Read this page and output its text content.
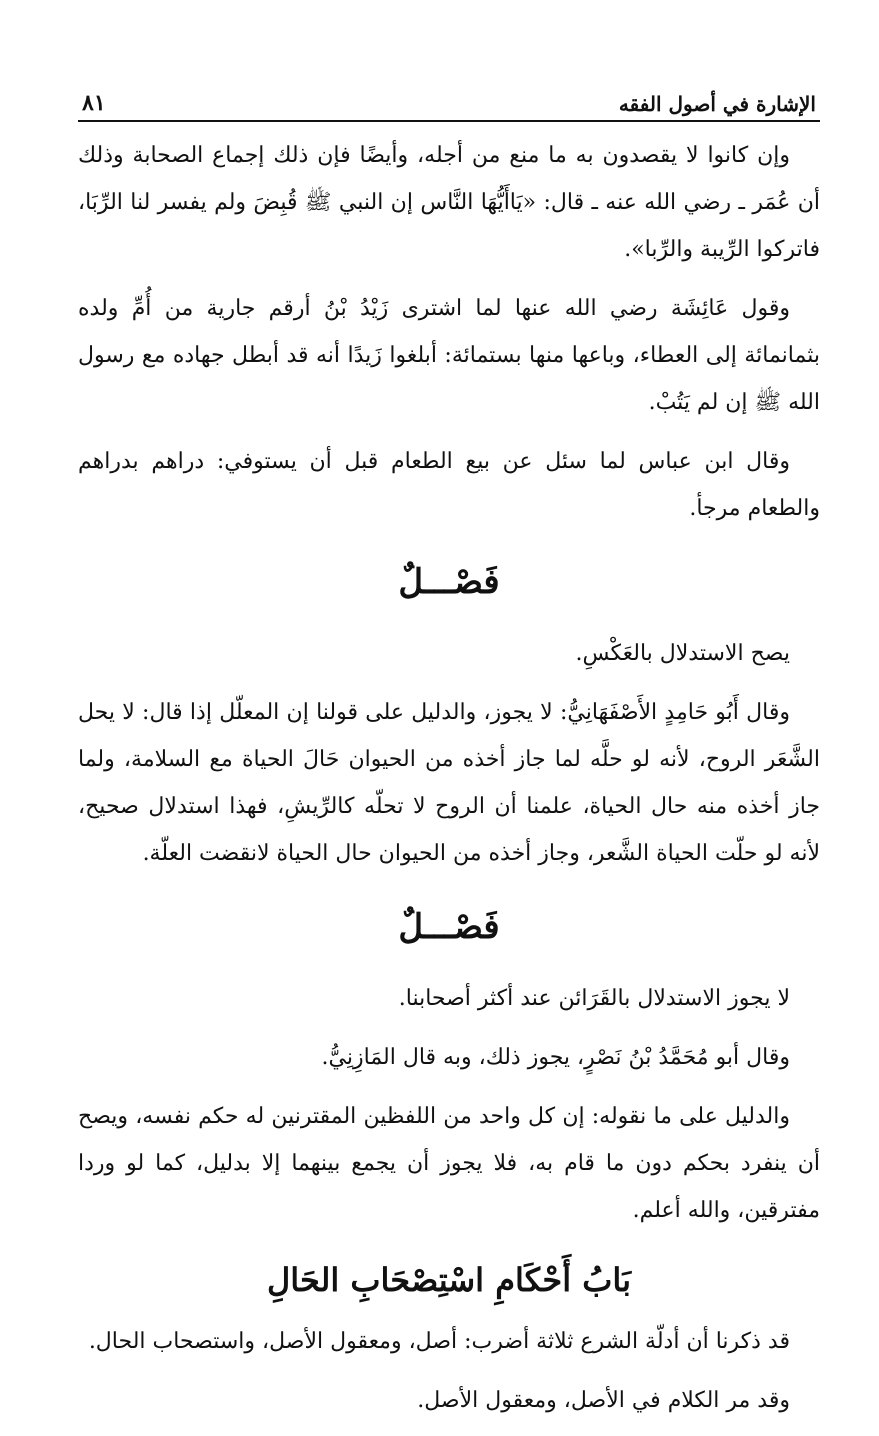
الإشارة في أصول الفقه
٨١

وإن كانوا لا يقصدون به ما منع من أجله، وأيضًا فإن ذلك إجماع الصحابة وذلك أن عُمَر ـ رضي الله عنه ـ قال: «يَاأَيُّهَا النَّاس إن النبي ﷺ قُبِضَ ولم يفسر لنا الرِّبَا، فاتركوا الرِّيبة والرِّبا».

وقول عَائِشَة رضي الله عنها لما اشترى زَيْدُ بْنُ أرقم جارية من أُمِّ ولده بثمانمائة إلى العطاء، وباعها منها بستمائة: أبلغوا زَيدًا أنه قد أبطل جهاده مع رسول الله ﷺ إن لم يَتُبْ.

وقال ابن عباس لما سئل عن بيع الطعام قبل أن يستوفي: دراهم بدراهم والطعام مرجأ.

فَصْـــلٌ

يصح الاستدلال بالعَكْسِ.

وقال أَبُو حَامِدٍ الأَصْفَهَانِيُّ: لا يجوز، والدليل على قولنا إن المعلّل إذا قال: لا يحل الشَّعَر الروح، لأنه لو حلَّه لما جاز أخذه من الحيوان حَالَ الحياة مع السلامة، ولما جاز أخذه منه حال الحياة، علمنا أن الروح لا تحلّه كالرِّيشِ، فهذا استدلال صحيح، لأنه لو حلّت الحياة الشَّعر، وجاز أخذه من الحيوان حال الحياة لانقضت العلّة.

فَصْـــلٌ

لا يجوز الاستدلال بالقَرَائن عند أكثر أصحابنا.

وقال أبو مُحَمَّدُ بْنُ نَصْرٍ، يجوز ذلك، وبه قال المَازِنِيُّ.

والدليل على ما نقوله: إن كل واحد من اللفظين المقترنين له حكم نفسه، ويصح أن ينفرد بحكم دون ما قام به، فلا يجوز أن يجمع بينهما إلا بدليل، كما لو وردا مفترقين، والله أعلم.

بَابُ أَحْكَامِ اسْتِصْحَابِ الحَالِ

قد ذكرنا أن أدلّة الشرع ثلاثة أضرب: أصل، ومعقول الأصل، واستصحاب الحال.

وقد مر الكلام في الأصل، ومعقول الأصل.
